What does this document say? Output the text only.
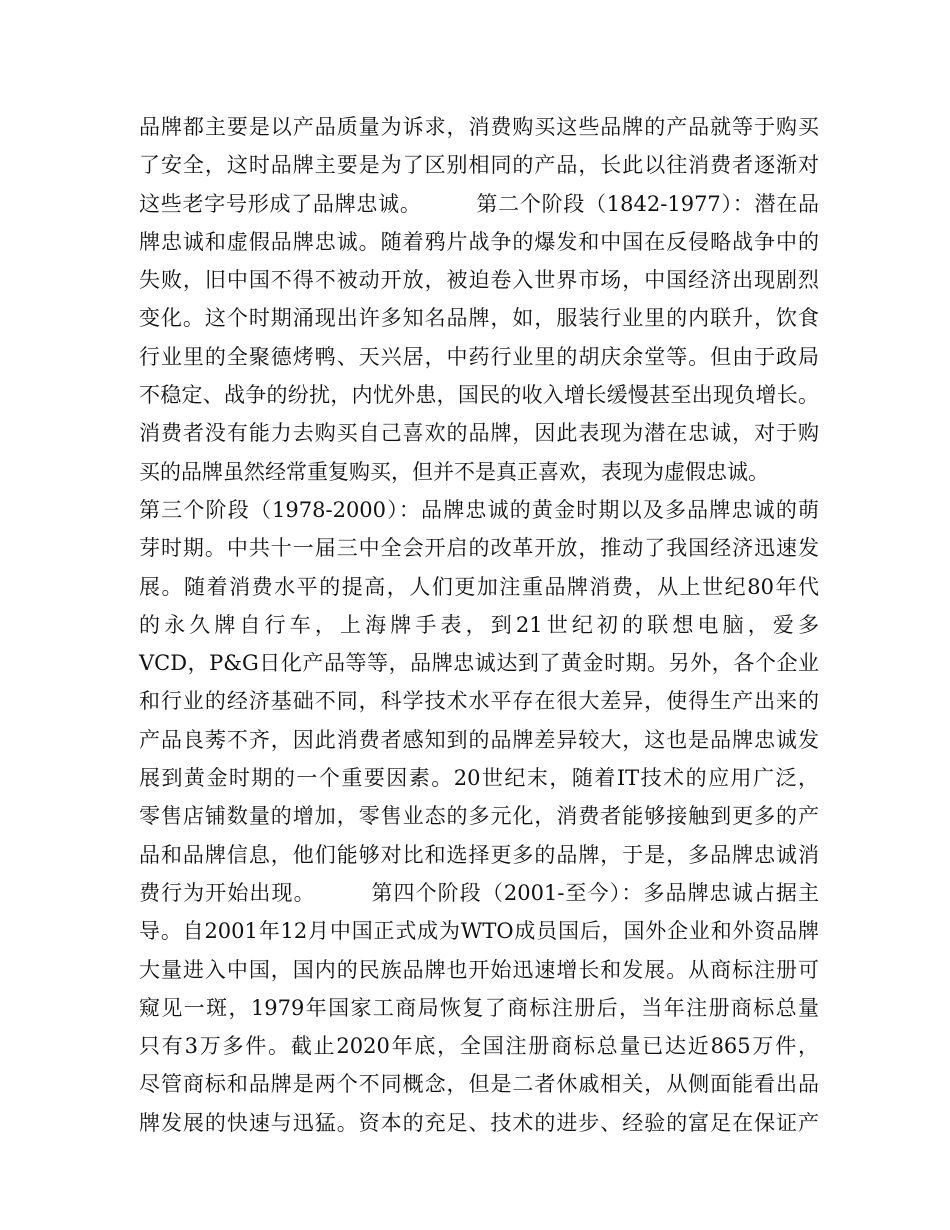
品牌都主要是以产品质量为诉求，消费购买这些品牌的产品就等于购买
了安全，这时品牌主要是为了区别相同的产品，长此以往消费者逐渐对
这些老字号形成了品牌忠诚。　　　第二个阶段（1842-1977）：潜在品
牌忠诚和虚假品牌忠诚。随着鸦片战争的爆发和中国在反侵略战争中的
失败，旧中国不得不被动开放，被迫卷入世界市场，中国经济出现剧烈
变化。这个时期涌现出许多知名品牌，如，服装行业里的内联升，饮食
行业里的全聚德烤鸭、天兴居，中药行业里的胡庆余堂等。但由于政局
不稳定、战争的纷扰，内忧外患，国民的收入增长缓慢甚至出现负增长。
消费者没有能力去购买自己喜欢的品牌，因此表现为潜在忠诚，对于购
买的品牌虽然经常重复购买，但并不是真正喜欢，表现为虚假忠诚。
第三个阶段（1978-2000）：品牌忠诚的黄金时期以及多品牌忠诚的萌
芽时期。中共十一届三中全会开启的改革开放，推动了我国经济迅速发
展。随着消费水平的提高，人们更加注重品牌消费，从上世纪80年代
的永久牌自行车，上海牌手表，到21世纪初的联想电脑，爱多
VCD，P&G日化产品等等，品牌忠诚达到了黄金时期。另外，各个企业
和行业的经济基础不同，科学技术水平存在很大差异，使得生产出来的
产品良莠不齐，因此消费者感知到的品牌差异较大，这也是品牌忠诚发
展到黄金时期的一个重要因素。20世纪末，随着IT技术的应用广泛，
零售店铺数量的增加，零售业态的多元化，消费者能够接触到更多的产
品和品牌信息，他们能够对比和选择更多的品牌，于是，多品牌忠诚消
费行为开始出现。　　　第四个阶段（2001-至今）：多品牌忠诚占据主
导。自2001年12月中国正式成为WTO成员国后，国外企业和外资品牌
大量进入中国，国内的民族品牌也开始迅速增长和发展。从商标注册可
窥见一斑，1979年国家工商局恢复了商标注册后，当年注册商标总量
只有3万多件。截止2020年底，全国注册商标总量已达近865万件，
尽管商标和品牌是两个不同概念，但是二者休戚相关，从侧面能看出品
牌发展的快速与迅猛。资本的充足、技术的进步、经验的富足在保证产
